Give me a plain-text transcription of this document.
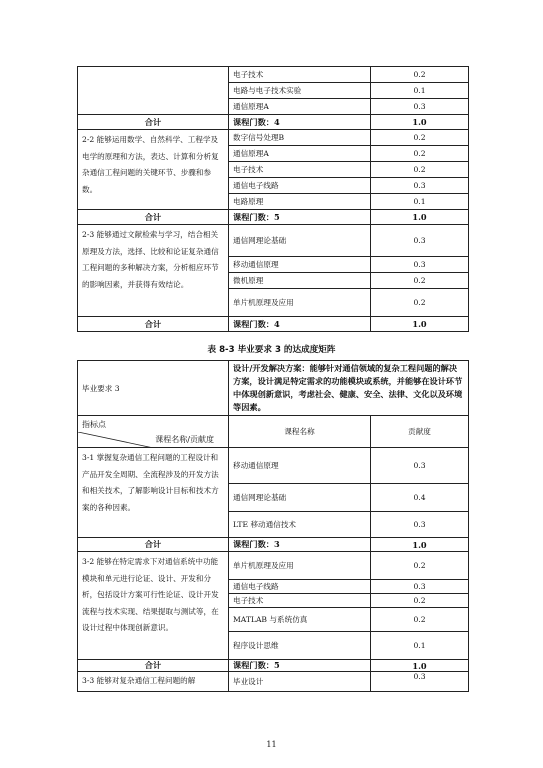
	电子技术	0.2
	电路与电子技术实验	0.1
	通信原理A	0.3
合计	课程门数：4	1.0
2-2 能够运用数学、自然科学、工程学及电学的原理和方法，表达、计算和分析复杂通信工程问题的关键环节、步骤和参数。	数字信号处理B	0.2
	通信原理A	0.2
	电子技术	0.2
	通信电子线路	0.3
	电路原理	0.1
合计	课程门数：5	1.0
2-3 能够通过文献检索与学习，结合相关原理及方法，选择、比较和论证复杂通信工程问题的多种解决方案，分析相应环节的影响因素，并获得有效结论。	通信网理论基础	0.3
	移动通信原理	0.3
	微机原理	0.2
	单片机原理及应用	0.2
合计	课程门数：4	1.0
表 8-3 毕业要求 3 的达成度矩阵
毕业要求 3	设计/开发解决方案：能够针对通信领域的复杂工程问题的解决方案，设计满足特定需求的功能模块或系统，并能够在设计环节中体现创新意识，考虑社会、健康、安全、法律、文化以及环境等因素。	

课程名称/贡献度
指标点	课程名称	贡献度
3-1 掌握复杂通信工程问题的工程设计和产品开发全周期、全流程涉及的开发方法和相关技术，了解影响设计目标和技术方案的各种因素。	移动通信原理	0.3
	通信网理论基础	0.4
	LTE 移动通信技术	0.3
合计	课程门数：3	1.0
3-2 能够在特定需求下对通信系统中功能模块和单元进行论证、设计、开发和分析，包括设计方案可行性论证、设计开发流程与技术实现、结果提取与测试等，在设计过程中体现创新意识。	单片机原理及应用	0.2
	通信电子线路	0.3
	电子技术	0.2
	MATLAB 与系统仿真	0.2
	程序设计思维	0.1
合计	课程门数：5	1.0
3-3 能够对复杂通信工程问题的解	毕业设计	0.3
11
